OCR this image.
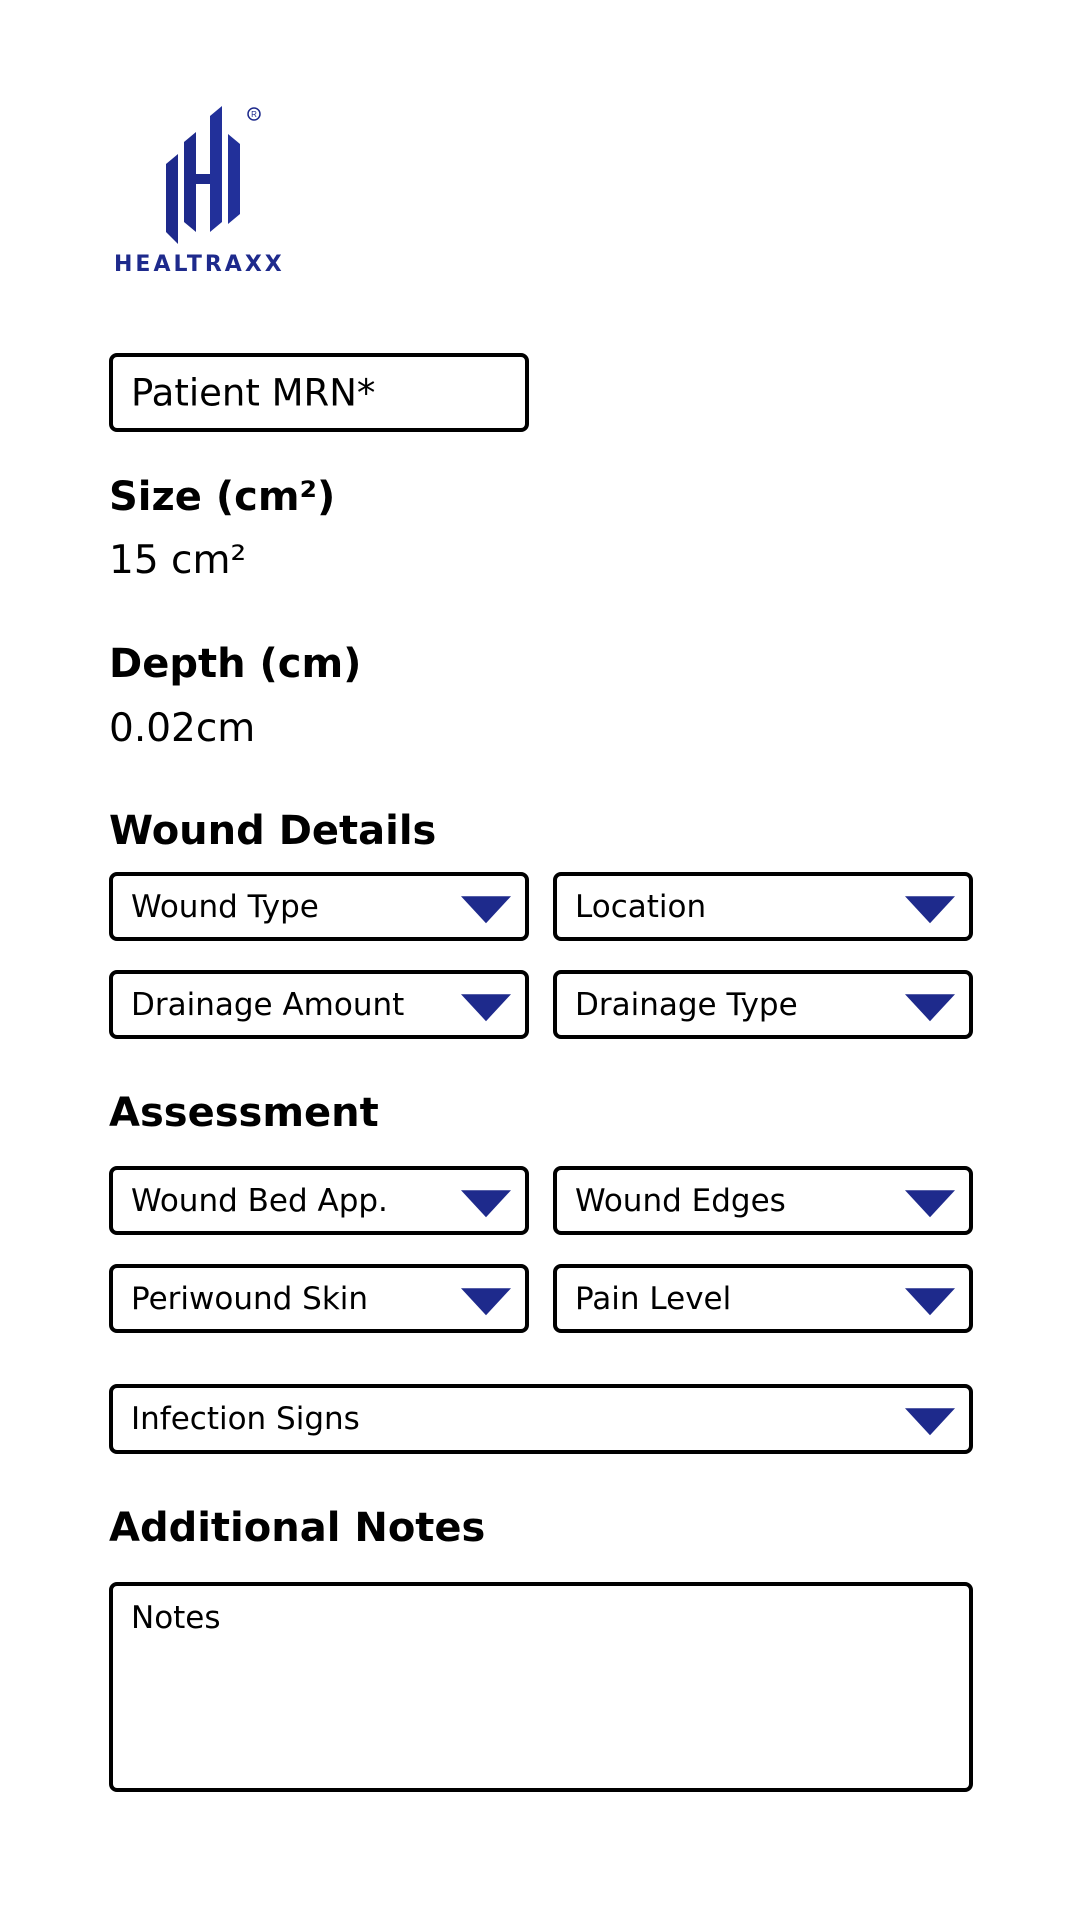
R
HEALTRAXX
Patient MRN*
Size (cm²)
15 cm²
Depth (cm)
0.02cm
Wound Details
Wound Type	Location
Drainage Amount	Drainage Type
Assessment
Wound Bed App.	Wound Edges
Periwound Skin	Pain Level
Infection Signs
Additional Notes
Notes
